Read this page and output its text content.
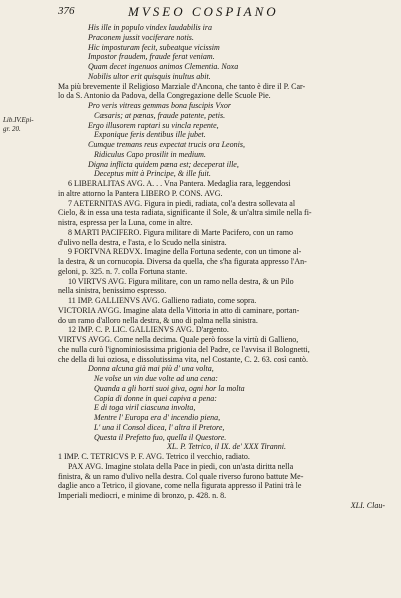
376	MVSEO COSPIANO
Lib.IV.Epi-
gr. 20.

His ille in populo vindex laudabilis ira

Praconem jussit vociferare notis.

Hic imposturam fecit, subeatque vicissim

Impostor fraudem, fraude ferat veniam.

Quam decet ingenuos animos Clementia. Noxa

Nobilis ultor erit quisquis inultus abit.

Ma più brevemente il Religioso Marziale d'Ancona, che tanto è dire il P. Car-

lo da S. Antonio da Padova, della Congregazione delle Scuole Pie.

Pro veris vitreas gemmas bona fuscipis Vxor

Cæsaris; at pœnas, fraude patente, petis.

Ergo illusorem raptari su vincla repente,

Exponique feris dentibus ille jubet.

Cumque tremans reus expectat trucis ora Leonis,

Ridiculus Capo prosilit in medium.

Digna inflicta quidem pœna est; deceperat ille,

Deceptus mitt à Principe, & ille fuit.

6 LIBERALITAS AVG. A. . . Vna Pantera. Medaglia rara, leggendosi

in altre attorno la Pantera LIBERO P. CONS. AVG.

7 AETERNITAS AVG. Figura in piedi, radiata, col'a destra sollevata al

Cielo, & in essa una testa radiata, significante il Sole, & un'altra simile nella fi-

nistra, espressa per la Luna, come in altre.

8 MARTI PACIFERO. Figura militare di Marte Pacifero, con un ramo

d'ulivo nella destra, e l'asta, e lo Scudo nella sinistra.

9 FORTVNA REDVX. Imagine della Fortuna sedente, con un timone al-

la destra, & un cornucopia. Diversa da quella, che s'ha figurata appresso l'An-

geloni, p. 325. n. 7. colla Fortuna stante.

10 VIRTVS AVG. Figura militare, con un ramo nella destra, & un Pilo

nella sinistra, benissimo espresso.

11 IMP. GALLIENVS AVG. Gallieno radiato, come sopra.

VICTORIA AVGG. Imagine alata della Vittoria in atto di caminare, portan-

do un ramo d'alloro nella destra, & uno di palma nella sinistra.

12 IMP. C. P. LIC. GALLIENVS AVG. D'argento.

VIRTVS AVGG. Come nella decima. Quale però fosse la virtù di Gallieno,

che nulla curò l'ignominiosissima prigionia del Padre, ce l'avvisa il Bolognetti,

che della di lui oziosa, e dissolutissima vita, nel Costante, C. 2. 63. così cantò.

Donna alcuna già mai più d' una volta,

Ne volse un vin due volte ad una cena:

Quanda a gli horti suoi giva, ogni hor la molta

Copia di donne in quei capiva a pena:

E di toga viril ciascuna involta,

Mentre l' Europa era d' incendio piena,

L' una il Consol dicea, l' altra il Pretore,

Questa il Prefetto fuo, quella il Questore.

XL. P. Tetrico, il IX. de' XXX Tiranni.

1 IMP. C. TETRICVS P. F. AVG. Tetrico il vecchio, radiato.

PAX AVG. Imagine stolata della Pace in piedi, con un'asta diritta nella

finistra, & un ramo d'ulivo nella destra. Col quale riverso furono battute Me-

daglie anco a Tetrico, il giovane, come nella figurata appresso il Patini trà le

Imperiali mediocri, e minime di bronzo, p. 428. n. 8.

XLI. Clau-
